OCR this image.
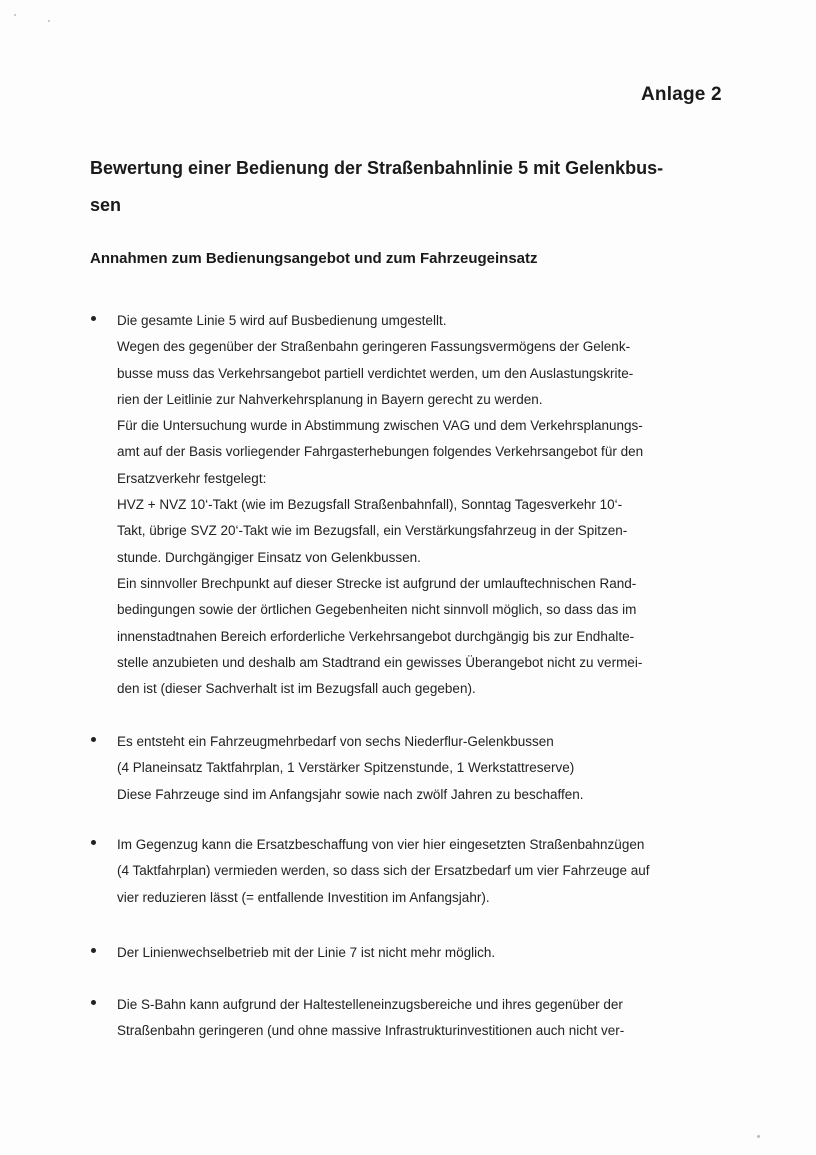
Anlage 2
Bewertung einer Bedienung der Straßenbahnlinie 5 mit Gelenkbus-
sen
Annahmen zum Bedienungsangebot und zum Fahrzeugeinsatz
Die gesamte Linie 5 wird auf Busbedienung umgestellt.
Wegen des gegenüber der Straßenbahn geringeren Fassungsvermögens der Gelenk-
busse muss das Verkehrsangebot partiell verdichtet werden, um den Auslastungskrite-
rien der Leitlinie zur Nahverkehrsplanung in Bayern gerecht zu werden.
Für die Untersuchung wurde in Abstimmung zwischen VAG und dem Verkehrsplanungs-
amt auf der Basis vorliegender Fahrgasterhebungen folgendes Verkehrsangebot für den
Ersatzverkehr festgelegt:
HVZ + NVZ 10‘-Takt (wie im Bezugsfall Straßenbahnfall), Sonntag Tagesverkehr 10‘-
Takt, übrige SVZ 20‘-Takt wie im Bezugsfall, ein Verstärkungsfahrzeug in der Spitzen-
stunde. Durchgängiger Einsatz von Gelenkbussen.
Ein sinnvoller Brechpunkt auf dieser Strecke ist aufgrund der umlauftechnischen Rand-
bedingungen sowie der örtlichen Gegebenheiten nicht sinnvoll möglich, so dass das im
innenstadtnahen Bereich erforderliche Verkehrsangebot durchgängig bis zur Endhalte-
stelle anzubieten und deshalb am Stadtrand ein gewisses Überangebot nicht zu vermei-
den ist (dieser Sachverhalt ist im Bezugsfall auch gegeben).
Es entsteht ein Fahrzeugmehrbedarf von sechs Niederflur-Gelenkbussen
(4 Planeinsatz Taktfahrplan, 1 Verstärker Spitzenstunde, 1 Werkstattreserve)
Diese Fahrzeuge sind im Anfangsjahr sowie nach zwölf Jahren zu beschaffen.
Im Gegenzug kann die Ersatzbeschaffung von vier hier eingesetzten Straßenbahnzügen
(4 Taktfahrplan) vermieden werden, so dass sich der Ersatzbedarf um vier Fahrzeuge auf
vier reduzieren lässt (= entfallende Investition im Anfangsjahr).
Der Linienwechselbetrieb mit der Linie 7 ist nicht mehr möglich.
Die S-Bahn kann aufgrund der Haltestelleneinzugsbereiche und ihres gegenüber der
Straßenbahn geringeren (und ohne massive Infrastrukturinvestitionen auch nicht ver-
